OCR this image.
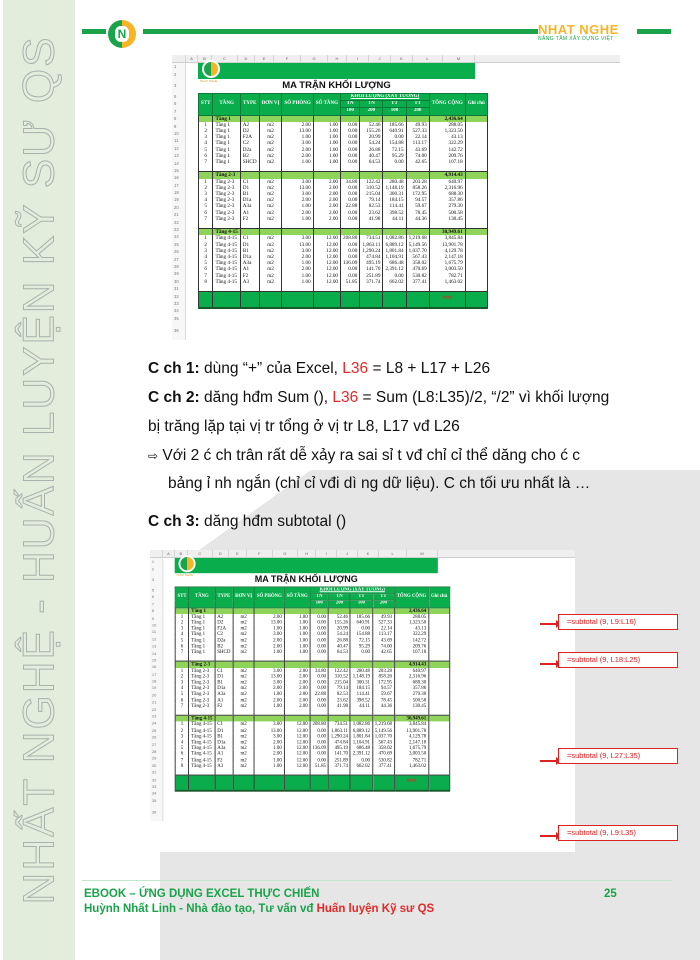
NHẤT NGHỆ - HUẤN LUYỆN KỸ SƯ QS
N	NHAT NGHE
NÂNG TẦM XÂY DỰNG VIỆT
A	B	C	D	E	F	G	H	I	J	K	L	M
1
2
3
5
6
7
8
9
10
11
12
13
14
15
16
17
18
19
20
21
22
23
24
25
26
27
28
29
30
31
32
33
34
35
36
NHAT NGHE	MA TRẬN KHỐI LƯỢNG
STT	TẦNG	TYPE	ĐƠN VỊ	SỐ PHÒNG	SỐ TẦNG	KHỐI LƯỢNG (XÂY TƯỜNG)				TỔNG CỘNG	Ghi chú
						TN	TN	TT	TT		
						100	200	100	200		
	Tầng 1									2,436.64	
1	Tầng 1	A2	m2	2.00	1.00	0.00	52.46	185.66	49.93	288.05	
2	Tầng 1	D2	m2	13.00	1.00	0.00	155.26	640.91	527.33	1,323.50	
3	Tầng 1	F2A	m2	1.00	1.00	0.00	20.99	0.00	22.14	43.13	
4	Tầng 1	C2	m2	3.00	1.00	0.00	54.24	154.88	113.17	322.29	
5	Tầng 1	D2a	m2	2.00	1.00	0.00	26.88	72.15	43.69	142.72	
6	Tầng 1	B2	m2	2.00	1.00	0.00	40.47	95.29	74.00	209.76	
7	Tầng 1	SHCD	m2	1.00	1.00	0.00	64.53	0.00	42.65	107.18	

	Tầng 2-3									4,914.43	
1	Tầng 2-3	C1	m2	3.00	2.00	34.80	122.42	280.48	203.28	640.97	
2	Tầng 2-3	D1	m2	13.00	2.00	0.00	310.52	1,148.19	858.26	2,316.96	
3	Tầng 2-3	B1	m2	3.00	2.00	0.00	215.04	300.31	172.95	688.30	
4	Tầng 2-3	D1a	m2	2.00	2.00	0.00	79.14	184.15	94.57	357.86	
5	Tầng 2-3	A3a	m2	1.00	2.00	22.88	82.53	114.41	59.67	279.30	
6	Tầng 2-3	A1	m2	2.00	2.00	0.00	23.62	398.52	78.45	500.58	
7	Tầng 2-3	F2	m2	1.00	2.00	0.00	41.98	44.11	44.36	130.45	

	Tầng 4-15									30,949.61	
1	Tầng 4-15	C1	m2	3.00	12.00	208.80	734.51	1,082.86	1,219.68	3,845.84	
2	Tầng 4-15	D1	m2	13.00	12.00	0.00	1,863.11	6,889.12	5,149.56	13,901.78	
3	Tầng 4-15	B1	m2	3.00	12.00	0.00	1,290.24	1,801.84	1,037.70	4,129.78	
4	Tầng 4-15	D1a	m2	2.00	12.00	0.00	474.84	1,104.91	567.43	2,147.18	
5	Tầng 4-15	A3a	m2	1.00	12.00	136.09	495.19	686.48	358.02	1,675.79	
6	Tầng 4-15	A1	m2	2.00	12.00	0.00	141.70	2,391.12	470.69	3,003.50	
7	Tầng 4-15	F2	m2	1.00	12.00	0.00	251.89	0.00	530.82	782.71	
8	Tầng 4-15	A3	m2	1.00	12.00	51.85	371.74	662.02	377.41	1,463.02	

										####	
A	B	C	D	E	F	G	H	I	J	K	L	M
1
2
3
5
6
7
8
9
10
11
12
13
14
15
16
17
18
19
20
21
22
23
24
25
26
27
28
29
30
31
32
33
34
35
36
NHAT NGHE	MA TRẬN KHỐI LƯỢNG
STT	TẦNG	TYPE	ĐƠN VỊ	SỐ PHÒNG	SỐ TẦNG	KHỐI LƯỢNG (XÂY TƯỜNG)				TỔNG CỘNG	Ghi chú
						TN	TN	TT	TT		
						100	200	100	200		
	Tầng 1									2,436.64	
1	Tầng 1	A2	m2	2.00	1.00	0.00	52.46	185.66	49.93	288.05	
2	Tầng 1	D2	m2	13.00	1.00	0.00	155.26	640.91	527.33	1,323.50	
3	Tầng 1	F2A	m2	1.00	1.00	0.00	20.99	0.00	22.14	43.13	
4	Tầng 1	C2	m2	3.00	1.00	0.00	54.24	154.88	113.17	322.29	
5	Tầng 1	D2a	m2	2.00	1.00	0.00	26.88	72.15	43.69	142.72	
6	Tầng 1	B2	m2	2.00	1.00	0.00	40.47	95.29	74.00	209.76	
7	Tầng 1	SHCD	m2	1.00	1.00	0.00	64.53	0.00	42.65	107.18	

	Tầng 2-3									4,914.43	
1	Tầng 2-3	C1	m2	3.00	2.00	34.80	122.42	280.48	203.28	640.97	
2	Tầng 2-3	D1	m2	13.00	2.00	0.00	310.52	1,148.19	858.26	2,316.96	
3	Tầng 2-3	B1	m2	3.00	2.00	0.00	215.04	300.31	172.95	688.30	
4	Tầng 2-3	D1a	m2	2.00	2.00	0.00	79.14	184.15	94.57	357.86	
5	Tầng 2-3	A3a	m2	1.00	2.00	22.88	82.53	114.41	59.67	279.30	
6	Tầng 2-3	A1	m2	2.00	2.00	0.00	23.62	398.52	78.45	500.58	
7	Tầng 2-3	F2	m2	1.00	2.00	0.00	41.98	44.11	44.36	130.45	

	Tầng 4-15									30,949.61	
1	Tầng 4-15	C1	m2	3.00	12.00	208.80	734.51	1,082.86	1,219.68	3,845.84	
2	Tầng 4-15	D1	m2	13.00	12.00	0.00	1,863.11	6,889.12	5,149.56	13,901.78	
3	Tầng 4-15	B1	m2	3.00	12.00	0.00	1,290.24	1,801.84	1,037.70	4,129.78	
4	Tầng 4-15	D1a	m2	2.00	12.00	0.00	474.84	1,104.91	567.43	2,147.18	
5	Tầng 4-15	A3a	m2	1.00	12.00	136.09	495.19	686.48	358.02	1,675.79	
6	Tầng 4-15	A1	m2	2.00	12.00	0.00	141.70	2,391.12	470.69	3,003.50	
7	Tầng 4-15	F2	m2	1.00	12.00	0.00	251.89	0.00	530.82	782.71	
8	Tầng 4-15	A3	m2	1.00	12.00	51.85	371.74	662.02	377.41	1,463.02	

										####	
C ch 1: dùng “+” của Excel, L36 = L8 + L17 + L26
C ch 2: dăng hđm Sum (), L36 = Sum (L8:L35)/2, “/2” vì khối lượng
bị trăng lặp tại vị tr tổng ở vị tr L8, L17 vđ L26
⇨ Với 2 ć ch trân rất dễ xảy ra sai sỉ t vđ chỉ cỉ thể dăng cho ć c
bảng ỉ nh ngắn (chỉ cỉ vđi dì ng dữ liệu). C ch tối ưu nhất là …
C ch 3: dăng hđm subtotal ()
=subtotal (9, L9:L16)
=subtotal (9, L18:L25)
=subtotal (9, L27:L35)
=subtotal (9, L9:L35)
EBOOK – ỨNG DỤNG EXCEL THỰC CHIẾN	25
Huỳnh Nhất Linh - Nhà đào tạo, Tư vấn vđ Huấn luyện Kỹ sư QS
